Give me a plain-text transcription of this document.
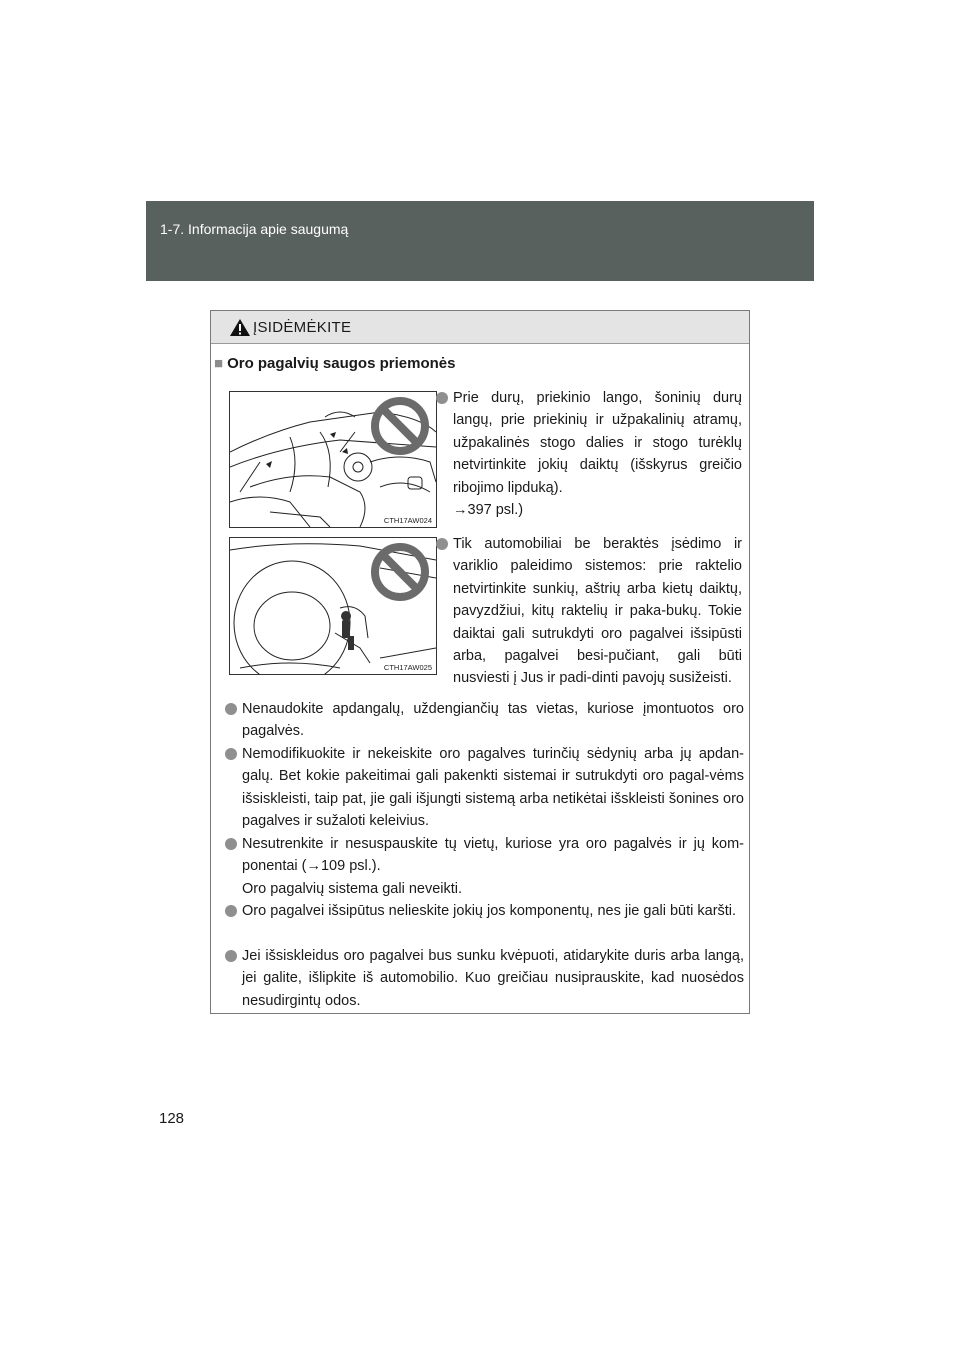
1-7. Informacija apie saugumą
ĮSIDĖMĖKITE
■ Oro pagalvių saugos priemonės
CTH17AW024
CTH17AW025
Prie durų, priekinio lango, šoninių durų langų, prie priekinių ir užpakalinių atramų, užpakalinės stogo dalies ir stogo turėklų netvirtinkite jokių daiktų (išskyrus greičio ribojimo lipduką).
→397 psl.)
Tik automobiliai be beraktės įsėdimo ir variklio paleidimo sistemos: prie raktelio netvirtinkite sunkių, aštrių arba kietų daiktų, pavyzdžiui, kitų raktelių ir paka-bukų. Tokie daiktai gali sutrukdyti oro pagalvei išsipūsti arba, pagalvei besi-pučiant, gali būti nusviesti į Jus ir padi-dinti pavojų susižeisti.
Nenaudokite apdangalų, uždengiančių tas vietas, kuriose įmontuotos oro pagalvės.
Nemodifikuokite ir nekeiskite oro pagalves turinčių sėdynių arba jų apdan-galų. Bet kokie pakeitimai gali pakenkti sistemai ir sutrukdyti oro pagal-vėms išsiskleisti, taip pat, jie gali išjungti sistemą arba netikėtai išskleisti šonines oro pagalves ir sužaloti keleivius.
Nesutrenkite ir nesuspauskite tų vietų, kuriose yra oro pagalvės ir jų kom-ponentai (→109 psl.).
Oro pagalvių sistema gali neveikti.
Oro pagalvei išsipūtus nelieskite jokių jos komponentų, nes jie gali būti karšti.
Jei išsiskleidus oro pagalvei bus sunku kvėpuoti, atidarykite duris arba langą, jei galite, išlipkite iš automobilio. Kuo greičiau nusiprauskite, kad nuosėdos nesudirgintų odos.
128
